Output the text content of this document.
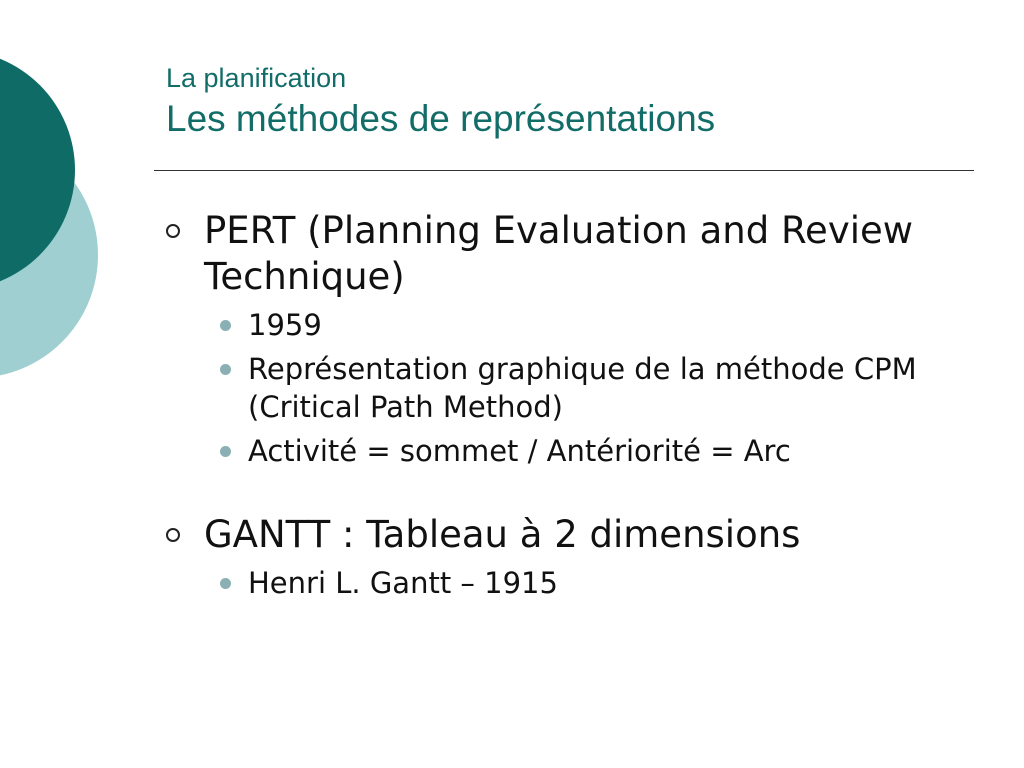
La planification
Les méthodes de représentations
PERT (Planning Evaluation and Review Technique)
1959
Représentation graphique de la méthode CPM (Critical Path Method)
Activité = sommet / Antériorité = Arc
GANTT : Tableau à 2 dimensions
Henri L. Gantt – 1915
